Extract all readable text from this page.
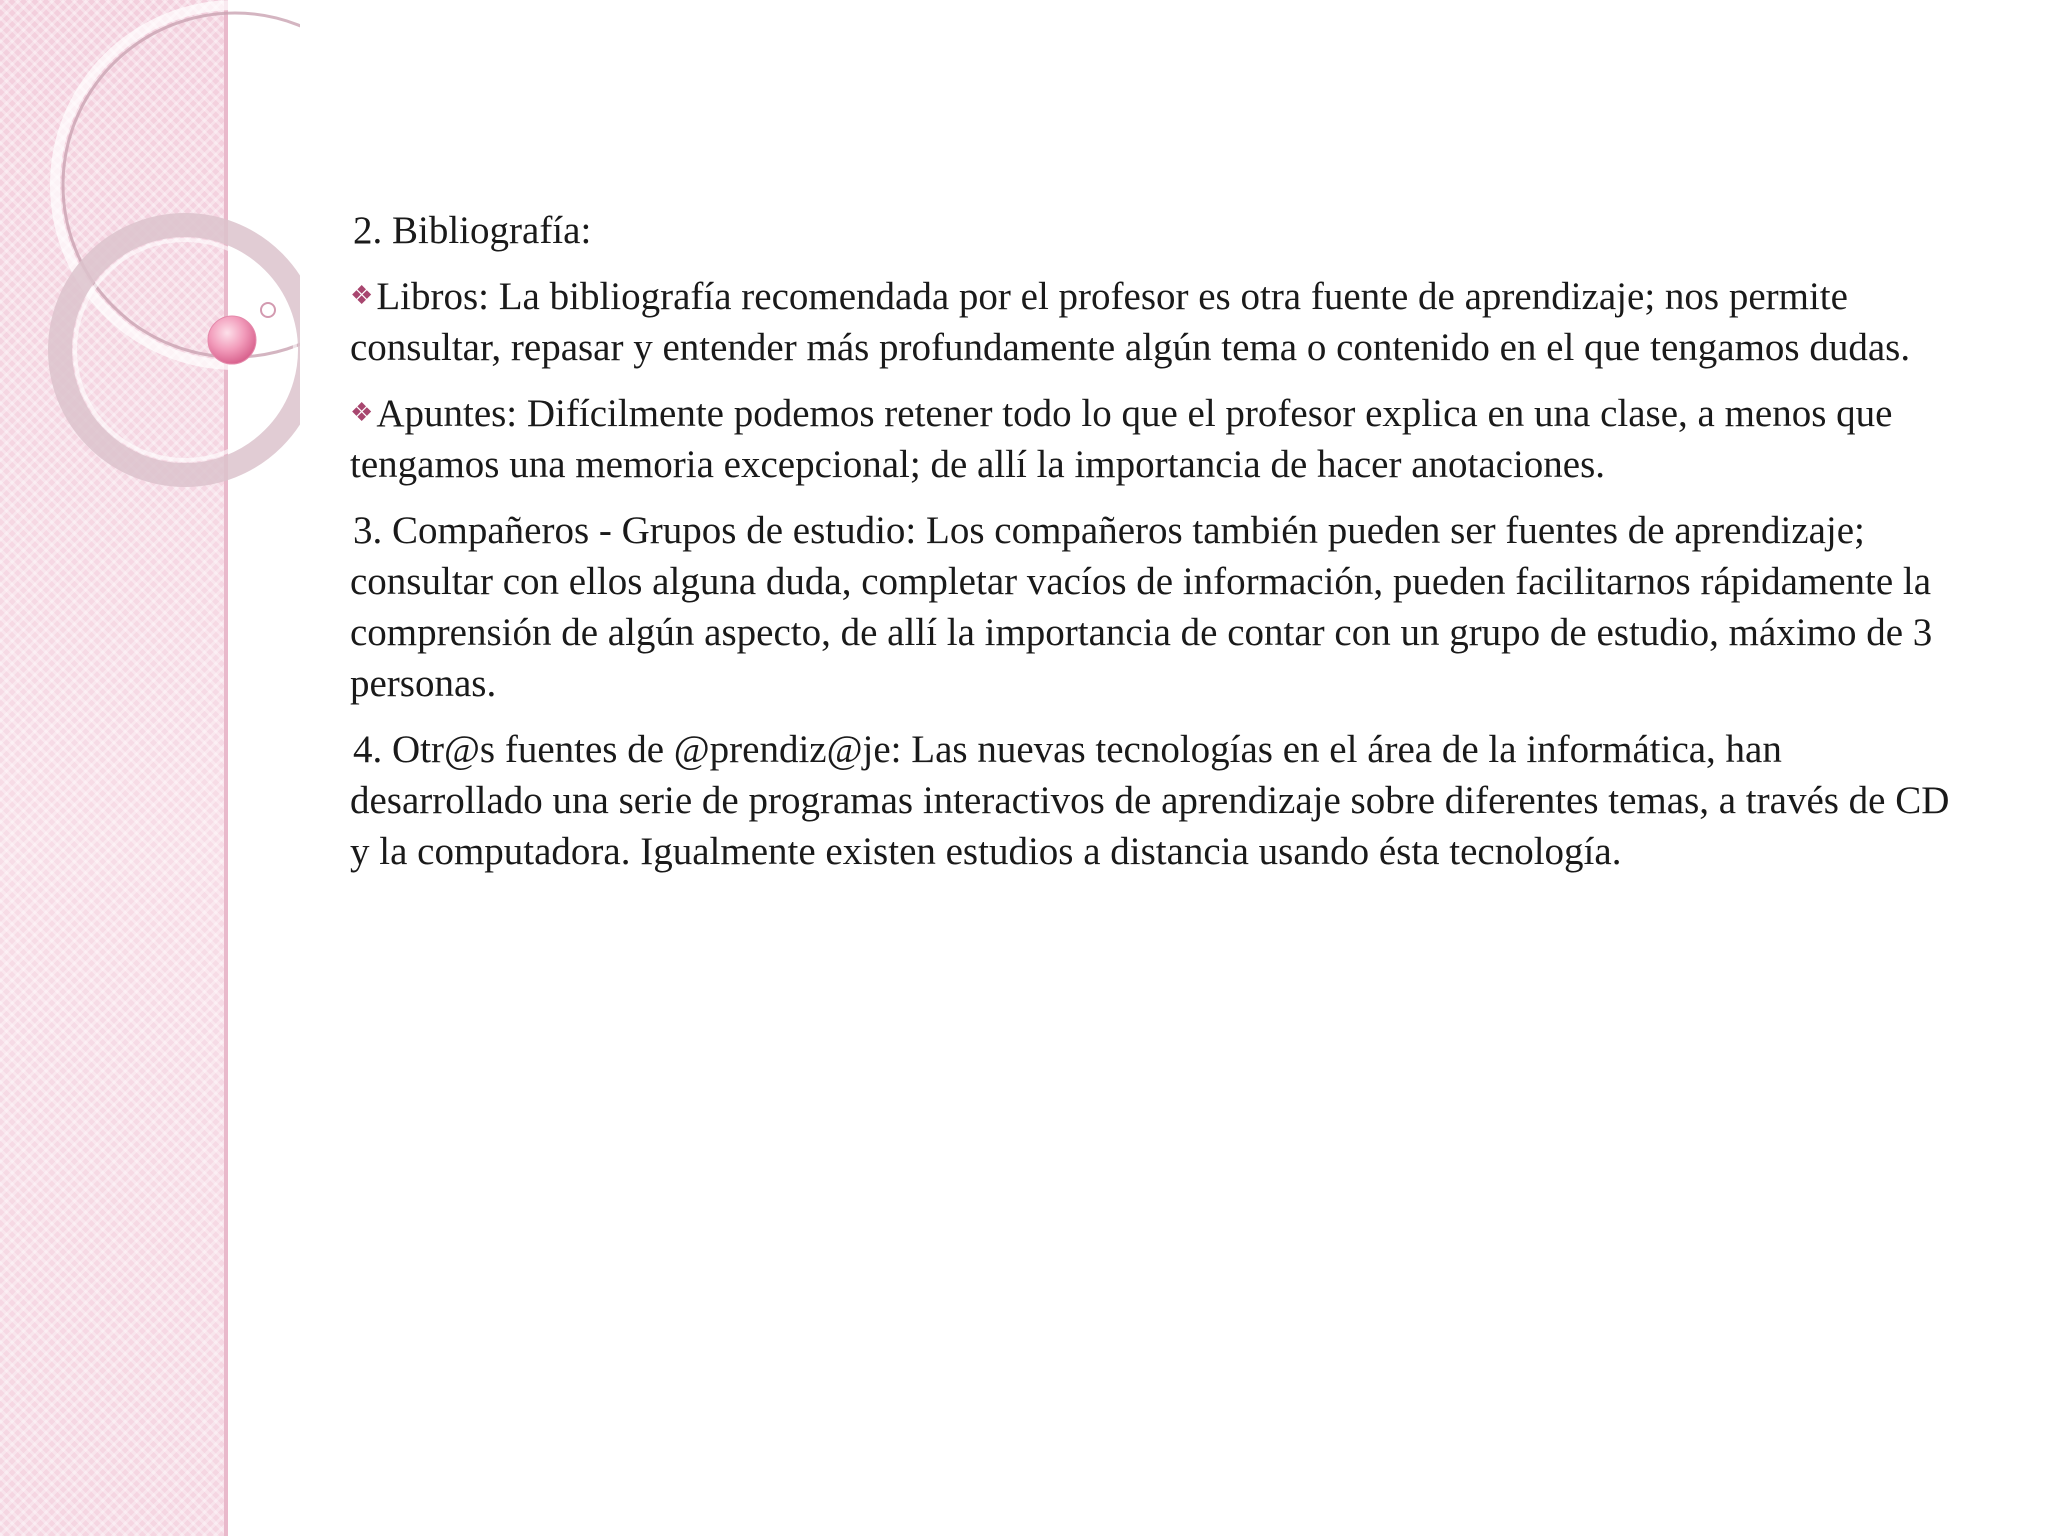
2. Bibliografía:

❖Libros: La bibliografía recomendada por el profesor es otra fuente de aprendizaje; nos permite consultar, repasar y entender más profundamente algún tema o contenido en el que tengamos dudas.

❖Apuntes: Difícilmente podemos retener todo lo que el profesor explica en una clase, a menos que tengamos una memoria excepcional; de allí la importancia de hacer anotaciones.

3. Compañeros - Grupos de estudio: Los compañeros también pueden ser fuentes de aprendizaje; consultar con ellos alguna duda, completar vacíos de información, pueden facilitarnos rápidamente la comprensión de algún aspecto, de allí la importancia de contar con un grupo de estudio, máximo de 3 personas.

4. Otr@s fuentes de @prendiz@je: Las nuevas tecnologías en el área de la informática, han desarrollado una serie de programas interactivos de aprendizaje sobre diferentes temas, a través de CD y la computadora. Igualmente existen estudios a distancia usando ésta tecnología.
